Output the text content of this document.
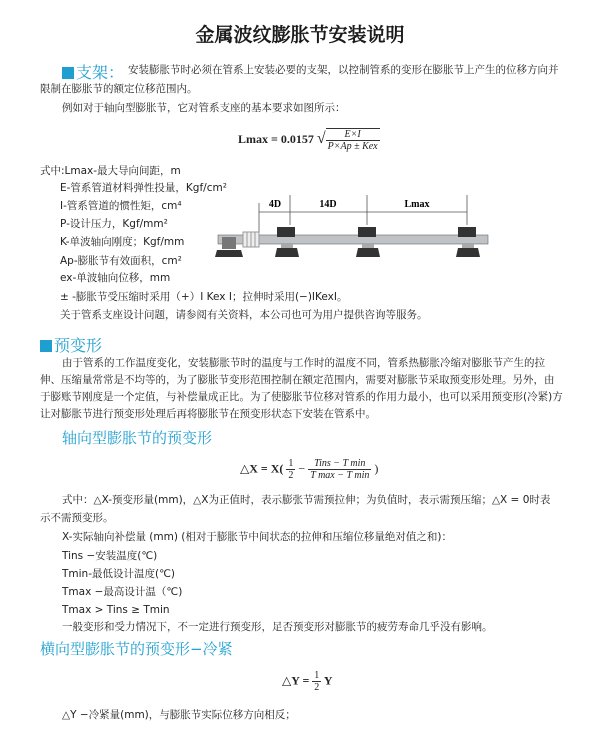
金属波纹膨胀节安装说明
支架： 安装膨胀节时必须在管系上安装必要的支架，以控制管系的变形在膨胀节上产生的位移方向并
限制在膨胀节的额定位移范围内。
例如对于轴向型膨胀节，它对管系支座的基本要求如图所示：
Lmax = 0.0157 √ $\frac{E\times I}{\text{P×Ap ± Kex}}$
式中:Lmax-最大导向间距，m
E-管系管道材料弹性投量，Kgf/cm²
I-管系管道的惯性矩，cm⁴
P-设计压力，Kgf/mm²
K-单波轴向刚度；Kgf/mm
Ap-膨胀节有效面积，cm²
ex-单波轴向位移，mm
± -膨胀节受压缩时采用（+）I Kex I；拉伸时采用(−)IKexI。
关于管系支座设计问题，请参阅有关资料，本公司也可为用户提供咨询等服务。
4D	14D	Lmax
预变形
由于管系的工作温度变化，安装膨胀节时的温度与工作时的温度不同，管系热膨胀冷缩对膨胀节产生的拉
伸、压缩量常常是不均等的，为了膨胀节变形范围控制在额定范围内，需要对膨胀节采取预变形处理。另外，由
于膨账节刚度是一个定值，与补偿量成正比。为了使膨胀节位移对管系的作用力最小，也可以采用预变形(冷紧)方
让对膨胀节进行预变形处理后再将膨胀节在预变形状态下安装在管系中。
轴向型膨胀节的预变形
△X = $X( \frac{1}{2} - \frac{\text{Tins − T min}}{\text{T max − T min}}$ )
式中：△X-预变形量(mm)，△X为正值时，表示膨张节需预拉伸；为负值时，表示需预压缩；△X = 0时表
示不需预变形。
X-实际轴向补偿量 (mm) (相对于膨胀节中间状态的拉伸和压缩位移量绝对值之和)：
Tins −安装温度(℃)
Tmin-最低设计温度(℃)
Tmax −最高设计温（℃)
Tmax > Tins ≥ Tmin
一般变形和受力情况下，不一定进行预变形，足否预变形对膨胀节的疲劳寿命几乎没有影响。
横向型膨胀节的预变形−冷紧
△Y = $\frac{1}{2}$ Y
△Y −冷紧量(mm)，与膨胀节实际位移方向相反；
